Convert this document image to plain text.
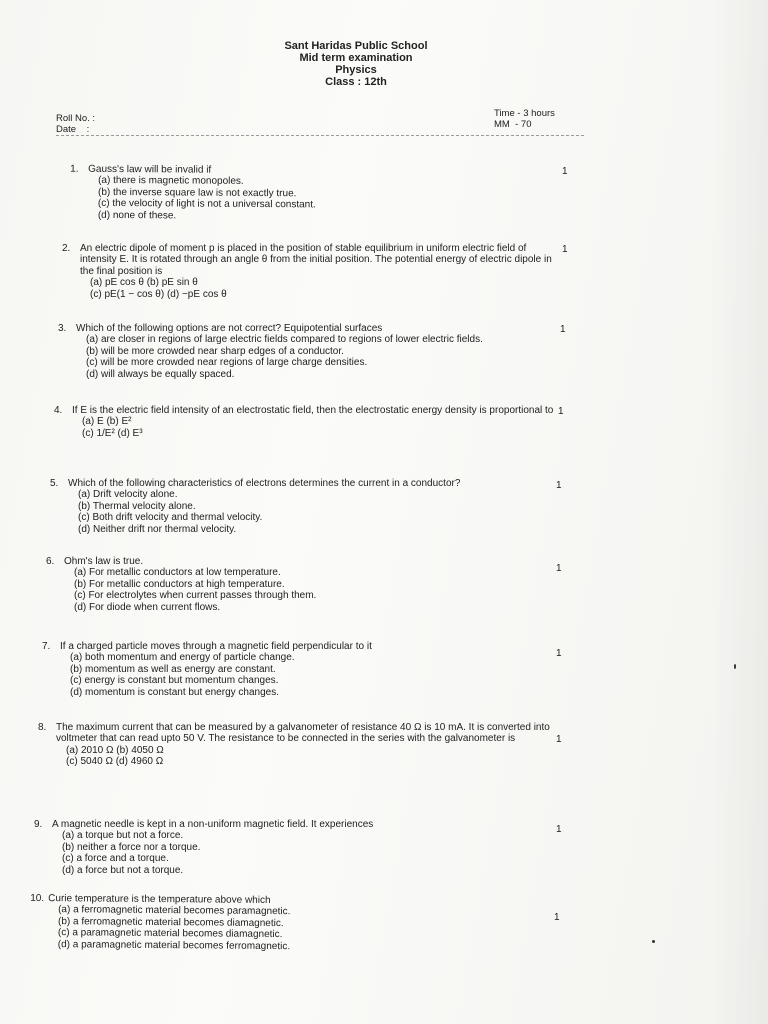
Sant Haridas Public School
Mid term examination
Physics
Class : 12th
Roll No. :
Date    :
Time - 3 hours
MM  - 70
1. Gauss's law will be invalid if
(a) there is magnetic monopoles.
(b) the inverse square law is not exactly true.
(c) the velocity of light is not a universal constant.
(d) none of these.
1
2. An electric dipole of moment p is placed in the position of stable equilibrium in uniform electric field of intensity E. It is rotated through an angle θ from the initial position. The potential energy of electric dipole in the final position is
(a) pE cos θ (b) pE sin θ
(c) pE(1 − cos θ) (d) −pE cos θ
1
3. Which of the following options are not correct? Equipotential surfaces
(a) are closer in regions of large electric fields compared to regions of lower electric fields.
(b) will be more crowded near sharp edges of a conductor.
(c) will be more crowded near regions of large charge densities.
(d) will always be equally spaced.
1
4. If E is the electric field intensity of an electrostatic field, then the electrostatic energy density is proportional to
(a) E (b) E²
(c) 1/E² (d) E³
1
5. Which of the following characteristics of electrons determines the current in a conductor?
(a) Drift velocity alone.
(b) Thermal velocity alone.
(c) Both drift velocity and thermal velocity.
(d) Neither drift nor thermal velocity.
1
6. Ohm's law is true.
(a) For metallic conductors at low temperature.
(b) For metallic conductors at high temperature.
(c) For electrolytes when current passes through them.
(d) For diode when current flows.
1
7. If a charged particle moves through a magnetic field perpendicular to it
(a) both momentum and energy of particle change.
(b) momentum as well as energy are constant.
(c) energy is constant but momentum changes.
(d) momentum is constant but energy changes.
1
8. The maximum current that can be measured by a galvanometer of resistance 40 Ω is 10 mA. It is converted into voltmeter that can read upto 50 V. The resistance to be connected in the series with the galvanometer is
(a) 2010 Ω (b) 4050 Ω
(c) 5040 Ω (d) 4960 Ω
1
9. A magnetic needle is kept in a non-uniform magnetic field. It experiences
(a) a torque but not a force.
(b) neither a force nor a torque.
(c) a force and a torque.
(d) a force but not a torque.
1
10. Curie temperature is the temperature above which
(a) a ferromagnetic material becomes paramagnetic.
(b) a ferromagnetic material becomes diamagnetic.
(c) a paramagnetic material becomes diamagnetic.
(d) a paramagnetic material becomes ferromagnetic.
1
